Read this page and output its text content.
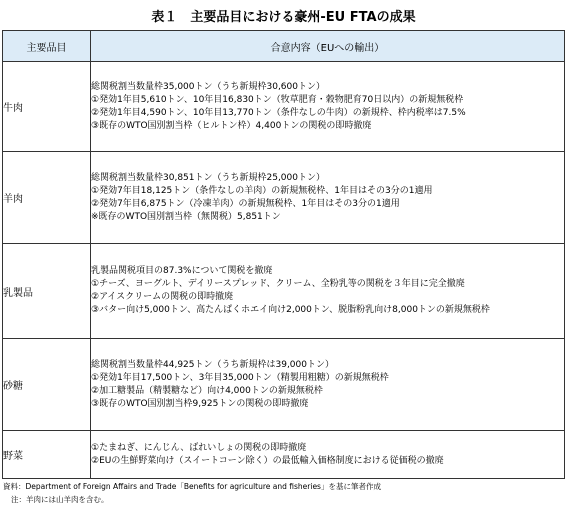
表１　主要品目における豪州-EU FTAの成果
主要品目	合意内容（EUへの輸出）
牛肉	総関税割当数量枠35,000トン（うち新規枠30,600トン）
①発効1年目5,610トン、10年目16,830トン（牧草肥育・穀物肥育70日以内）の新規無税枠
②発効1年目4,590トン、10年目13,770トン（条件なしの牛肉）の新規枠、枠内税率は7.5%
③既存のWTO国別割当枠（ヒルトン枠）4,400トンの関税の即時撤廃

羊肉	総関税割当数量枠30,851トン（うち新規枠25,000トン）
①発効7年目18,125トン（条件なしの羊肉）の新規無税枠、1年目はその3分の1適用
②発効7年目6,875トン（冷凍羊肉）の新規無税枠、1年目はその3分の1適用
※既存のWTO国別割当枠（無関税）5,851トン

乳製品	乳製品関税項目の87.3%について関税を撤廃
①チーズ、ヨーグルト、デイリースプレッド、クリーム、全粉乳等の関税を３年目に完全撤廃
②アイスクリームの関税の即時撤廃
③バター向け5,000トン、高たんぱくホエイ向け2,000トン、脱脂粉乳向け8,000トンの新規無税枠

砂糖	総関税割当数量枠44,925トン（うち新規枠は39,000トン）
①発効1年目17,500トン、3年目35,000トン（精製用粗糖）の新規無税枠
②加工糖製品（精製糖など）向け4,000トンの新規無税枠
③既存のWTO国別割当枠9,925トンの関税の即時撤廃

野菜	①たまねぎ、にんじん、ばれいしょの関税の即時撤廃
②EUの生鮮野菜向け（スイートコーン除く）の最低輸入価格制度における従価税の撤廃
資料：Department of Foreign Affairs and Trade「Benefits for agriculture and fisheries」を基に筆者作成
注：羊肉には山羊肉を含む。
